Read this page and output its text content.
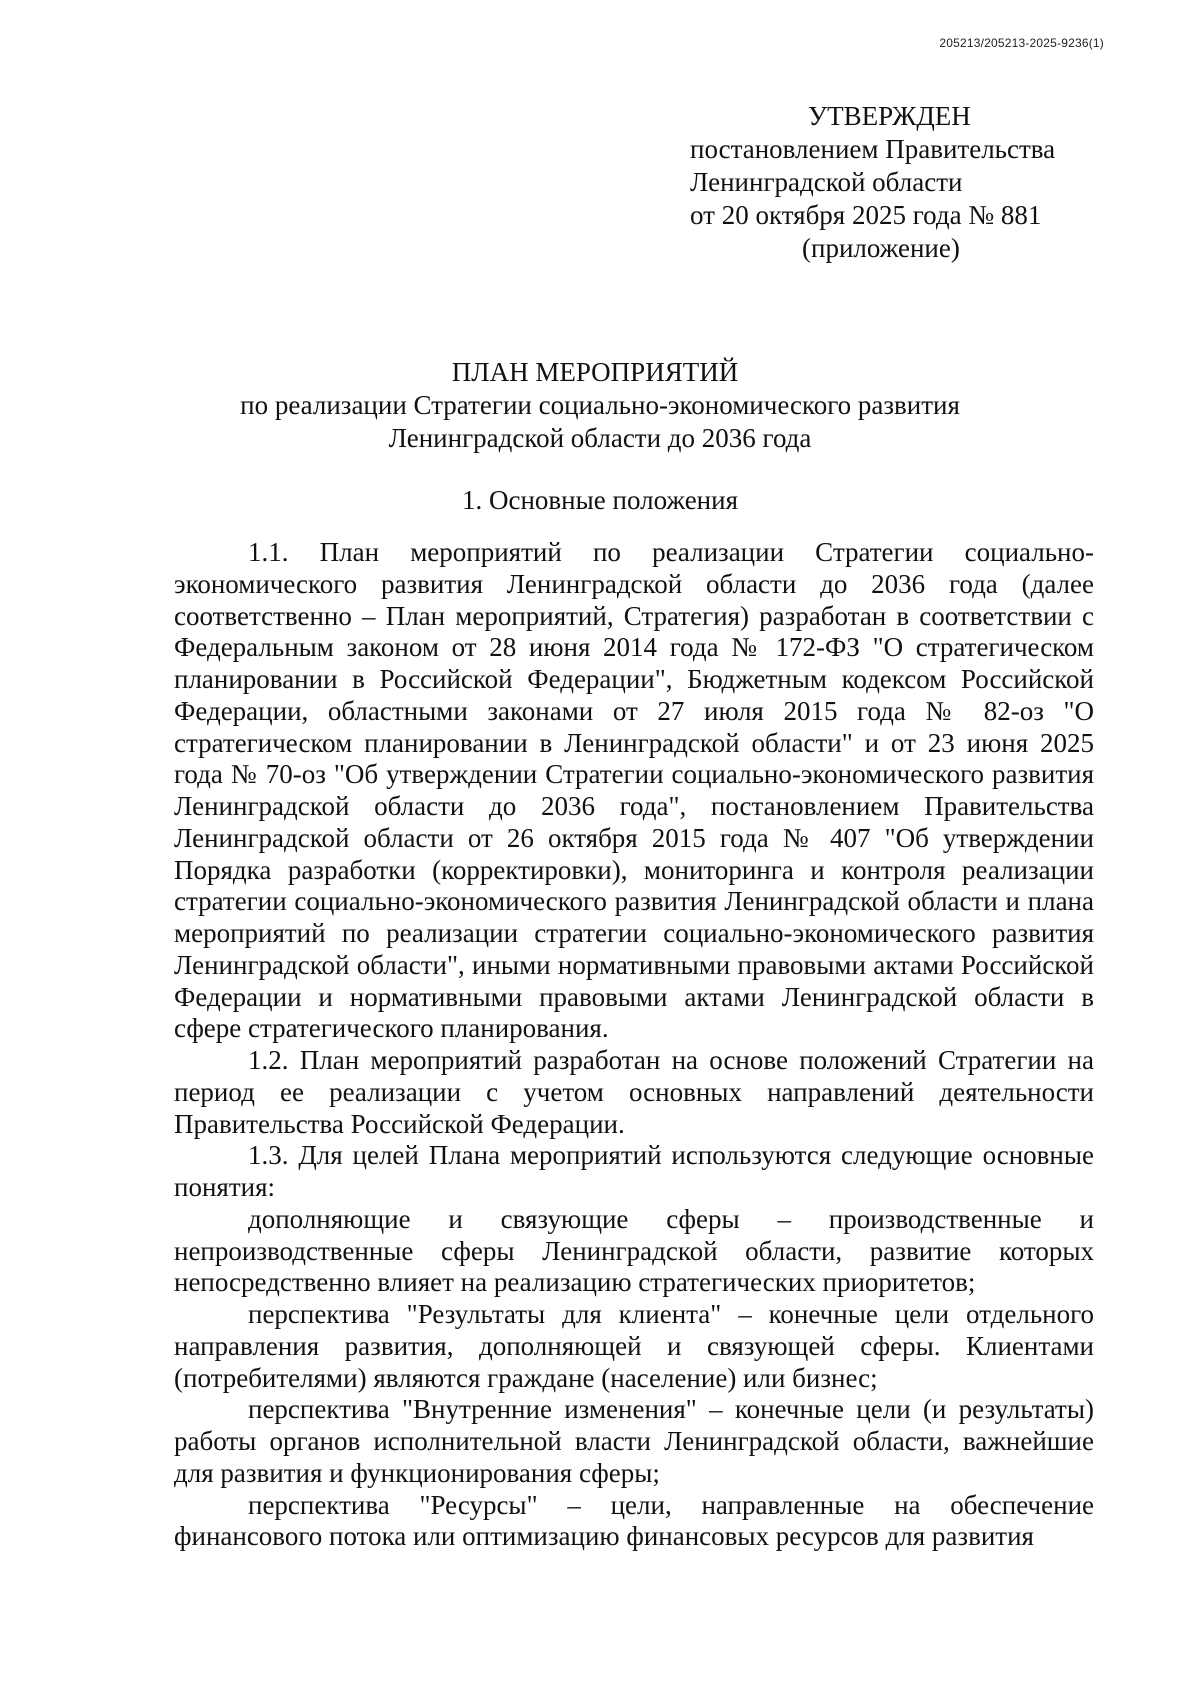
205213/205213-2025-9236(1)
УТВЕРЖДЕН
постановлением Правительства
Ленинградской области
от 20 октября 2025 года № 881
(приложение)
ПЛАН МЕРОПРИЯТИЙ
по реализации Стратегии социально-экономического развития
Ленинградской области до 2036 года
1. Основные положения

1.1. План мероприятий по реализации Стратегии социально-экономического развития Ленинградской области до 2036 года (далее соответственно – План мероприятий, Стратегия) разработан в соответствии с Федеральным законом от 28 июня 2014 года № 172-ФЗ "О стратегическом планировании в Российской Федерации", Бюджетным кодексом Российской Федерации, областными законами от 27 июля 2015 года № 82-оз "О стратегическом планировании в Ленинградской области" и от 23 июня 2025 года № 70-оз "Об утверждении Стратегии социально-экономического развития Ленинградской области до 2036 года", постановлением Правительства Ленинградской области от 26 октября 2015 года № 407 "Об утверждении Порядка разработки (корректировки), мониторинга и контроля реализации стратегии социально-экономического развития Ленинградской области и плана мероприятий по реализации стратегии социально-экономического развития Ленинградской области", иными нормативными правовыми актами Российской Федерации и нормативными правовыми актами Ленинградской области в сфере стратегического планирования.

1.2. План мероприятий разработан на основе положений Стратегии на период ее реализации с учетом основных направлений деятельности Правительства Российской Федерации.

1.3. Для целей Плана мероприятий используются следующие основные понятия:

дополняющие и связующие сферы – производственные и непроизводственные сферы Ленинградской области, развитие которых непосредственно влияет на реализацию стратегических приоритетов;

перспектива "Результаты для клиента" – конечные цели отдельного направления развития, дополняющей и связующей сферы. Клиентами (потребителями) являются граждане (население) или бизнес;

перспектива "Внутренние изменения" – конечные цели (и результаты) работы органов исполнительной власти Ленинградской области, важнейшие для развития и функционирования сферы;

перспектива "Ресурсы" – цели, направленные на обеспечение финансового потока или оптимизацию финансовых ресурсов для развития
